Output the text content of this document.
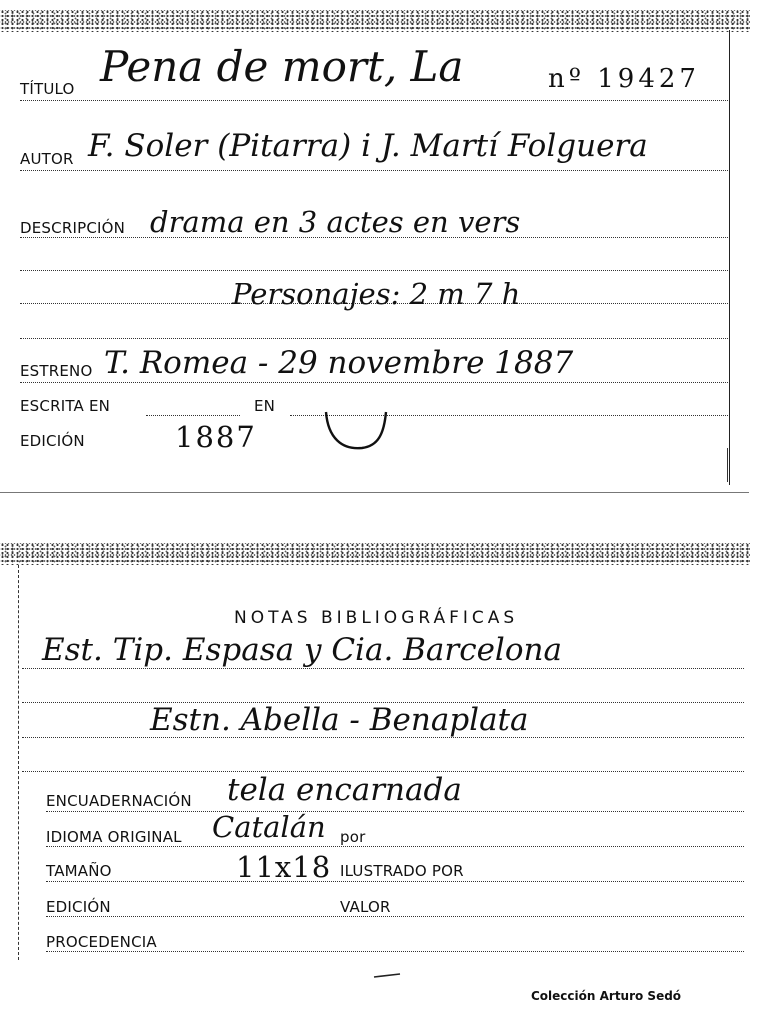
TÍTULO Pena de mort, La	nº 19427
AUTOR F. Soler (Pitarra) i J. Martí Folguera
DESCRIPCIÓN drama en 3 actes en vers
Personajes: 2 m 7 h
ESTRENO T. Romea - 29 novembre 1887
ESCRITA EN	EN
EDICIÓN	1887
NOTAS BIBLIOGRÁFICAS
Est. Tip. Espasa y Cia. Barcelona
Estn. Abella - Benaplata
ENCUADERNACIÓN tela encarnada
IDIOMA ORIGINAL Catalán por
TAMAÑO	11x18 ILUSTRADO POR
EDICIÓN	VALOR
PROCEDENCIA
Colección Arturo Sedó
